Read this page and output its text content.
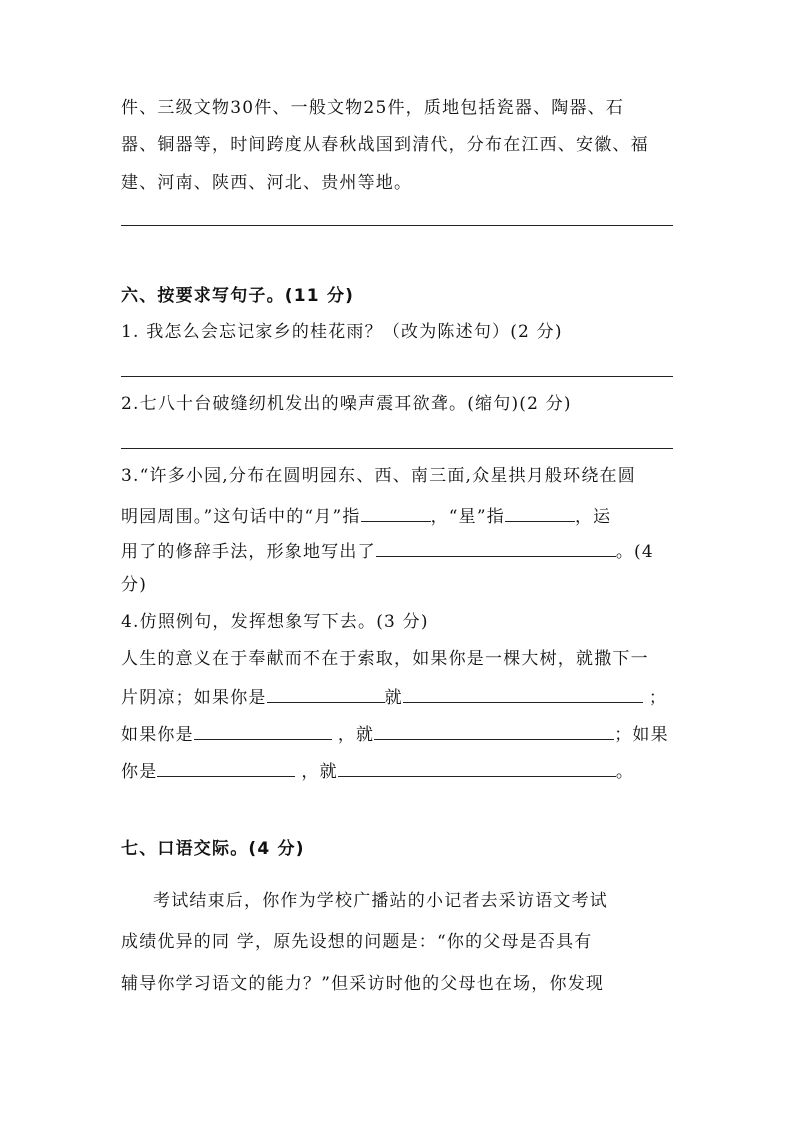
件、三级文物30件、一般文物25件，质地包括瓷器、陶器、石
器、铜器等，时间跨度从春秋战国到清代，分布在江西、安徽、福
建、河南、陕西、河北、贵州等地。
六、按要求写句子。(11 分)
1. 我怎么会忘记家乡的桂花雨？（改为陈述句）(2 分)
2.七八十台破缝纫机发出的噪声震耳欲聋。(缩句)(2 分)
3.“许多小园,分布在圆明园东、西、南三面,众星拱月般环绕在圆
明园周围。”这句话中的“月”指	，“星”指	，运
用了的修辞手法，形象地写出了	。(4
分)
4.仿照例句，发挥想象写下去。(3 分)
人生的意义在于奉献而不在于索取，如果你是一棵大树，就撒下一
片阴凉；如果你是	就	；
如果你是	，就	；如果
你是	，就	。
七、口语交际。(4 分)
考试结束后，你作为学校广播站的小记者去采访语文考试
成绩优异的同 学，原先设想的问题是：“你的父母是否具有
辅导你学习语文的能力？”但采访时他的父母也在场，你发现
